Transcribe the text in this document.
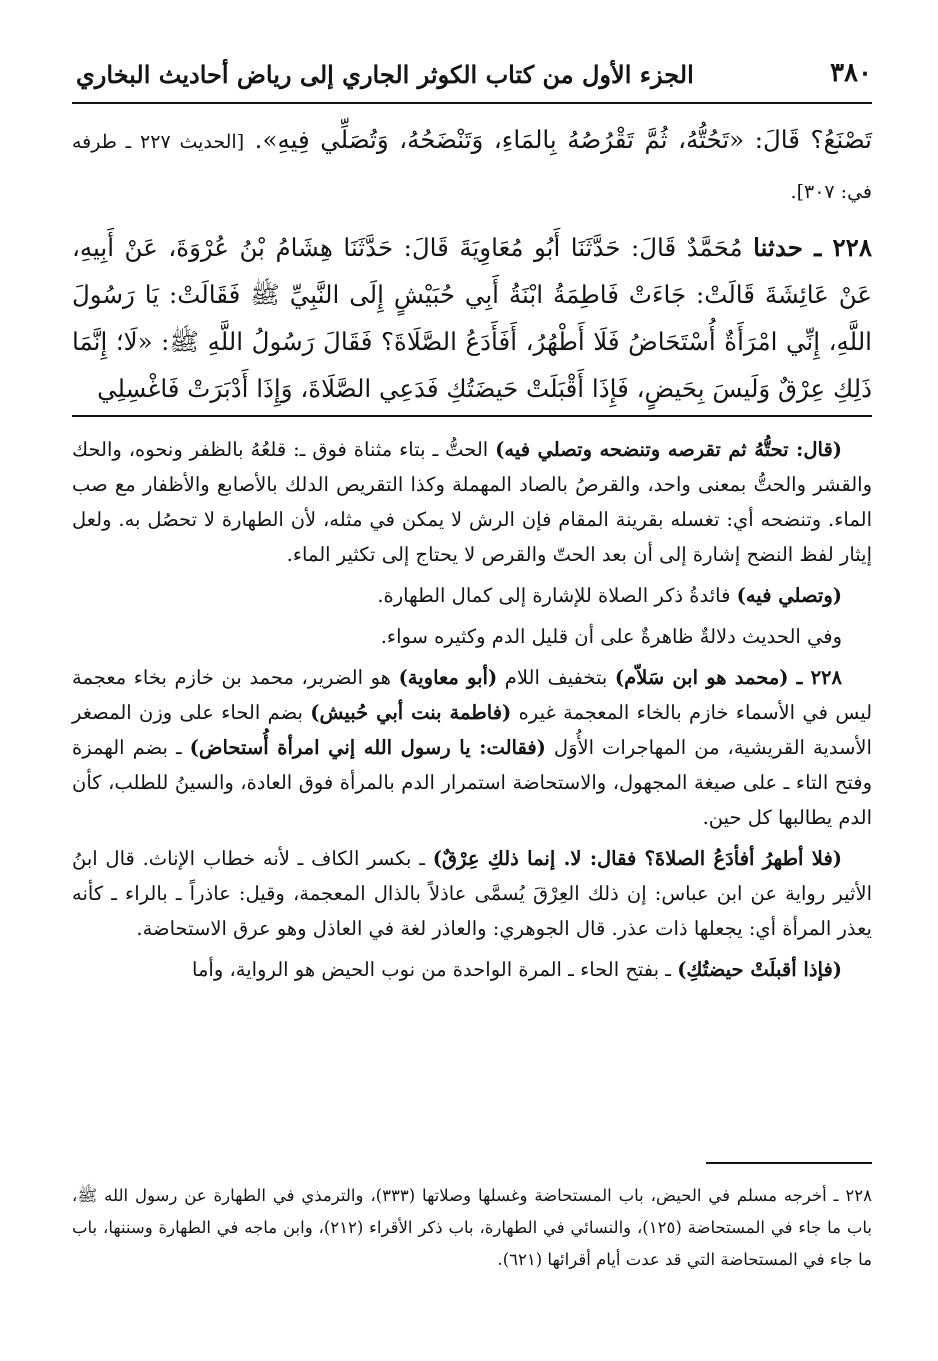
٣٨٠
الجزء الأول من كتاب الكوثر الجاري إلى رياض أحاديث البخاري

تَصْنَعُ؟ قَالَ: «تَحُتُّهُ، ثُمَّ تَقْرُصُهُ بِالمَاءِ، وَتَنْضَحُهُ، وَتُصَلِّي فِيهِ». [الحديث ٢٢٧ ـ طرفه في: ٣٠٧].

٢٢٨ ـ حدثنا مُحَمَّدٌ قَالَ: حَدَّثَنَا أَبُو مُعَاوِيَةَ قَالَ: حَدَّثَنَا هِشَامُ بْنُ عُرْوَةَ، عَنْ أَبِيهِ، عَنْ عَائِشَةَ قَالَتْ: جَاءَتْ فَاطِمَةُ ابْنَةُ أَبِي حُبَيْشٍ إِلَى النَّبِيِّ ﷺ فَقَالَتْ: يَا رَسُولَ اللَّهِ، إِنِّي امْرَأَةٌ أُسْتَحَاضُ فَلَا أَطْهُرُ، أَفَأَدَعُ الصَّلَاةَ؟ فَقَالَ رَسُولُ اللَّهِ ﷺ: «لَا؛ إِنَّمَا ذَلِكِ عِرْقٌ وَلَيسَ بِحَيضٍ، فَإِذَا أَقْبَلَتْ حَيضَتُكِ فَدَعِي الصَّلَاةَ، وَإِذَا أَدْبَرَتْ فَاغْسِلِي

(قال: تحتُّهُ ثم تقرصه وتنضحه وتصلي فيه) الحتُّ ـ بتاء مثناة فوق ـ: قلعُهُ بالظفر ونحوه، والحك والقشر والحتُّ بمعنى واحد، والقرصُ بالصاد المهملة وكذا التقريص الدلك بالأصابع والأظفار مع صب الماء. وتنضحه أي: تغسله بقرينة المقام فإن الرش لا يمكن في مثله، لأن الطهارة لا تحصُل به. ولعل إيثار لفظ النضح إشارة إلى أن بعد الحتّ والقرص لا يحتاج إلى تكثير الماء.

(وتصلي فيه) فائدةُ ذكر الصلاة للإشارة إلى كمال الطهارة.

وفي الحديث دلالةٌ ظاهرةٌ على أن قليل الدم وكثيره سواء.

٢٢٨ ـ (محمد هو ابن سَلاّم) بتخفيف اللام (أبو معاوية) هو الضرير، محمد بن خازم بخاء معجمة ليس في الأسماء خازم بالخاء المعجمة غيره (فاطمة بنت أبي حُبيش) بضم الحاء على وزن المصغر الأسدية القريشية، من المهاجرات الأُوَل (فقالت: يا رسول الله إني امرأة أُستحاض) ـ بضم الهمزة وفتح التاء ـ على صيغة المجهول، والاستحاضة استمرار الدم بالمرأة فوق العادة، والسينُ للطلب، كأن الدم يطالبها كل حين.

(فلا أطهرُ أفأدَعُ الصلاةَ؟ فقال: لا. إنما ذلكِ عِرْقٌ) ـ بكسر الكاف ـ لأنه خطاب الإناث. قال ابنُ الأثير رواية عن ابن عباس: إن ذلك العِرْقَ يُسمَّى عاذلاً بالذال المعجمة، وقيل: عاذراً ـ بالراء ـ كأنه يعذر المرأة أي: يجعلها ذات عذر. قال الجوهري: والعاذر لغة في العاذل وهو عرق الاستحاضة.

(فإذا أقبلَتْ حيضتُكِ) ـ بفتح الحاء ـ المرة الواحدة من نوب الحيض هو الرواية، وأما

٢٢٨ ـ أخرجه مسلم في الحيض، باب المستحاضة وغسلها وصلاتها (٣٣٣)، والترمذي في الطهارة عن رسول الله ﷺ، باب ما جاء في المستحاضة (١٢٥)، والنسائي في الطهارة، باب ذكر الأقراء (٢١٢)، وابن ماجه في الطهارة وسننها، باب ما جاء في المستحاضة التي قد عدت أيام أقرائها (٦٢١).
